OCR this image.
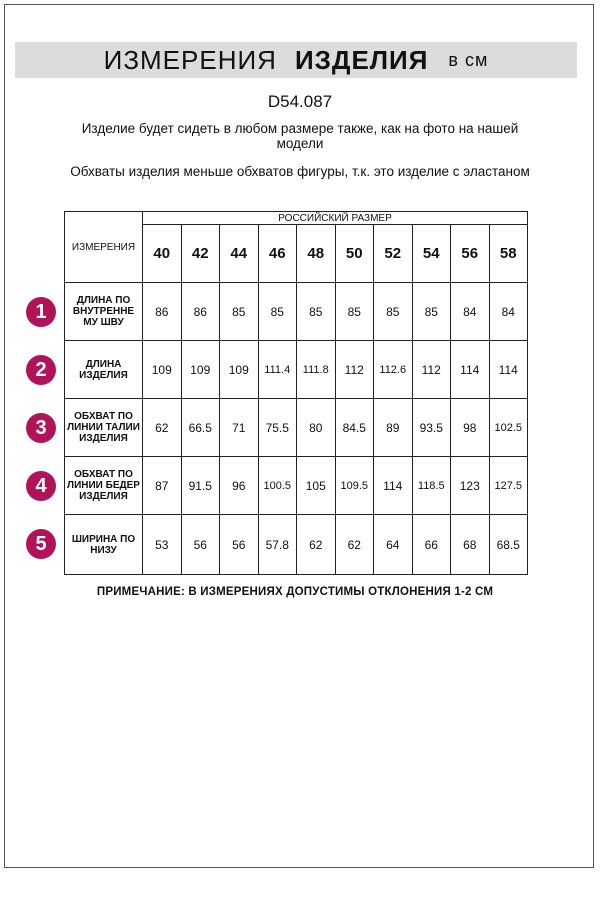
ИЗМЕРЕНИЯ ИЗДЕЛИЯ в см
D54.087
Изделие будет сидеть в любом размере также, как на фото на нашей модели
Обхваты изделия меньше обхватов фигуры, т.к. это изделие с эластаном
ИЗМЕРЕНИЯ	РОССИЙСКИЙ РАЗМЕР									
	40	42	44	46	48	50	52	54	56	58
ДЛИНА ПО ВНУТРЕННЕ МУ ШВУ	86	86	85	85	85	85	85	85	84	84
ДЛИНА ИЗДЕЛИЯ	109	109	109	111.4	111.8	112	112.6	112	114	114
ОБХВАТ ПО ЛИНИИ ТАЛИИ ИЗДЕЛИЯ	62	66.5	71	75.5	80	84.5	89	93.5	98	102.5
ОБХВАТ ПО ЛИНИИ БЕДЕР ИЗДЕЛИЯ	87	91.5	96	100.5	105	109.5	114	118.5	123	127.5
ШИРИНА ПО НИЗУ	53	56	56	57.8	62	62	64	66	68	68.5
1
2
3
4
5
ПРИМЕЧАНИЕ: В ИЗМЕРЕНИЯХ ДОПУСТИМЫ ОТКЛОНЕНИЯ 1-2 СМ
